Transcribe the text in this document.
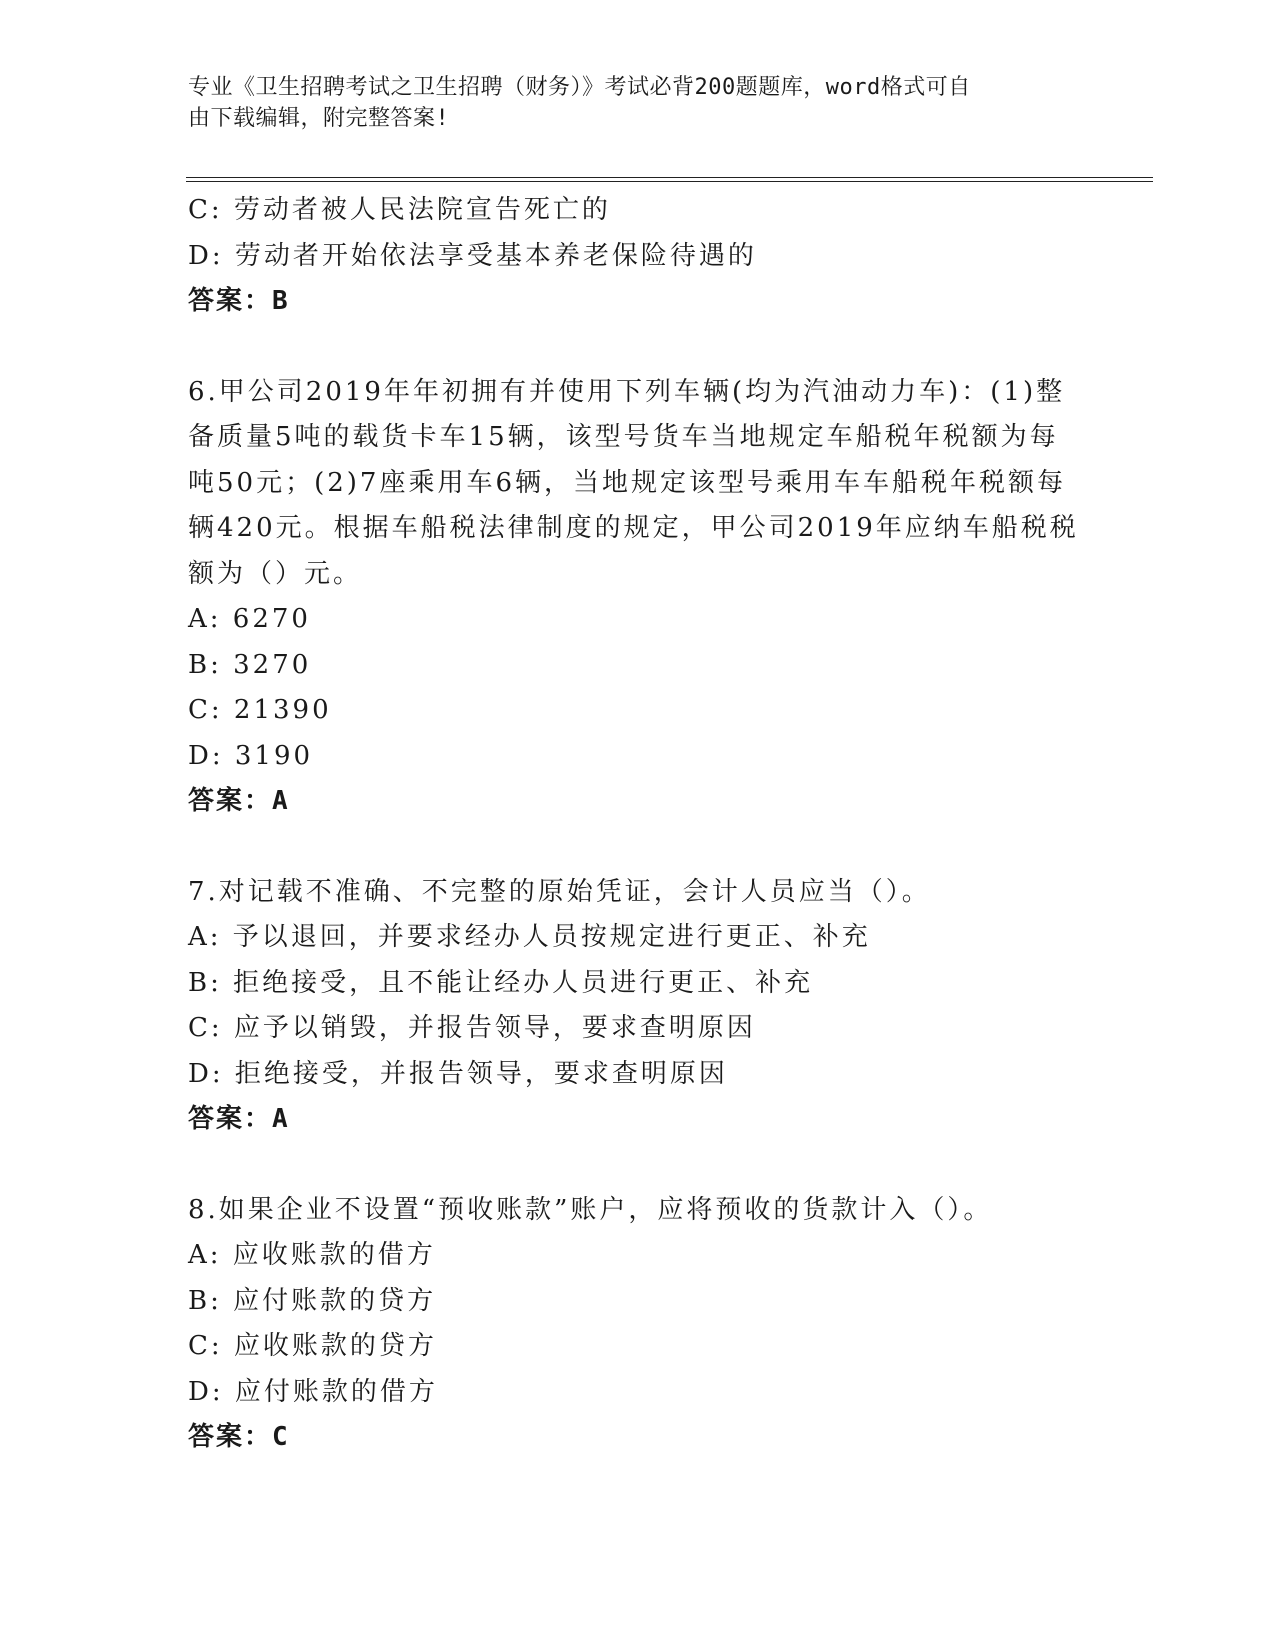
专业《卫生招聘考试之卫生招聘（财务）》考试必背200题题库，word格式可自
由下载编辑，附完整答案!
C: 劳动者被人民法院宣告死亡的
D: 劳动者开始依法享受基本养老保险待遇的
答案：B
6.甲公司2019年年初拥有并使用下列车辆(均为汽油动力车)：(1)整
备质量5吨的载货卡车15辆，该型号货车当地规定车船税年税额为每
吨50元；(2)7座乘用车6辆，当地规定该型号乘用车车船税年税额每
辆420元。根据车船税法律制度的规定，甲公司2019年应纳车船税税
额为（）元。
A: 6270
B: 3270
C: 21390
D: 3190
答案：A
7.对记载不准确、不完整的原始凭证，会计人员应当（）。
A: 予以退回，并要求经办人员按规定进行更正、补充
B: 拒绝接受，且不能让经办人员进行更正、补充
C: 应予以销毁，并报告领导，要求查明原因
D: 拒绝接受，并报告领导，要求查明原因
答案：A
8.如果企业不设置“预收账款”账户，应将预收的货款计入（）。
A: 应收账款的借方
B: 应付账款的贷方
C: 应收账款的贷方
D: 应付账款的借方
答案：C
